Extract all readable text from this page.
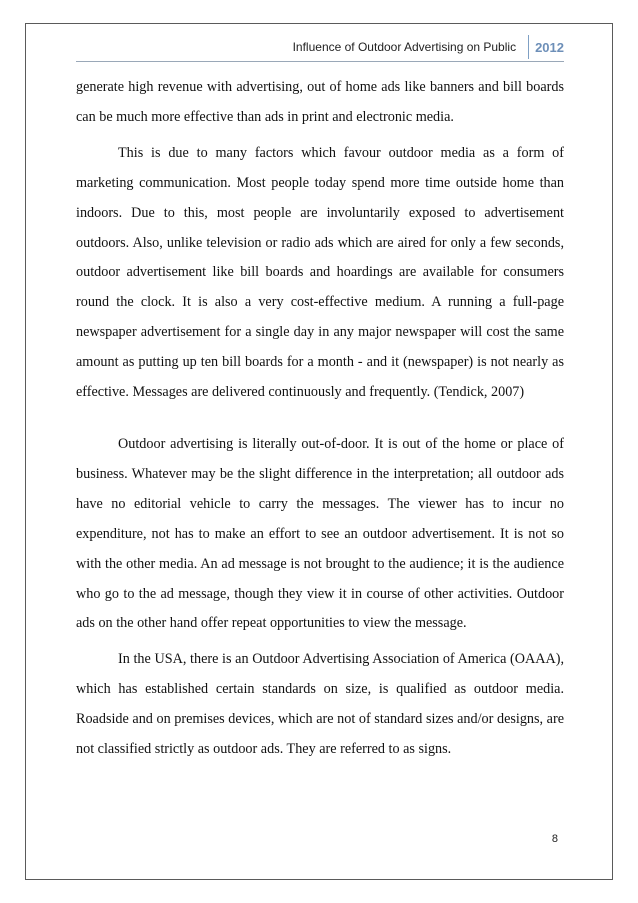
Influence of Outdoor Advertising on Public	2012

generate high revenue with advertising, out of home ads like banners and bill boards can be much more effective than ads in print and electronic media.

This is due to many factors which favour outdoor media as a form of marketing communication. Most people today spend more time outside home than indoors. Due to this, most people are involuntarily exposed to advertisement outdoors. Also, unlike television or radio ads which are aired for only a few seconds, outdoor advertisement like bill boards and hoardings are available for consumers round the clock. It is also a very cost-effective medium. A running a full-page newspaper advertisement for a single day in any major newspaper will cost the same amount as putting up ten bill boards for a month - and it (newspaper) is not nearly as effective. Messages are delivered continuously and frequently. (Tendick, 2007)

Outdoor advertising is literally out-of-door. It is out of the home or place of business. Whatever may be the slight difference in the interpretation; all outdoor ads have no editorial vehicle to carry the messages. The viewer has to incur no expenditure, not has to make an effort to see an outdoor advertisement. It is not so with the other media. An ad message is not brought to the audience; it is the audience who go to the ad message, though they view it in course of other activities. Outdoor ads on the other hand offer repeat opportunities to view the message.

In the USA, there is an Outdoor Advertising Association of America (OAAA), which has established certain standards on size, is qualified as outdoor media. Roadside and on premises devices, which are not of standard sizes and/or designs, are not classified strictly as outdoor ads. They are referred to as signs.

8
